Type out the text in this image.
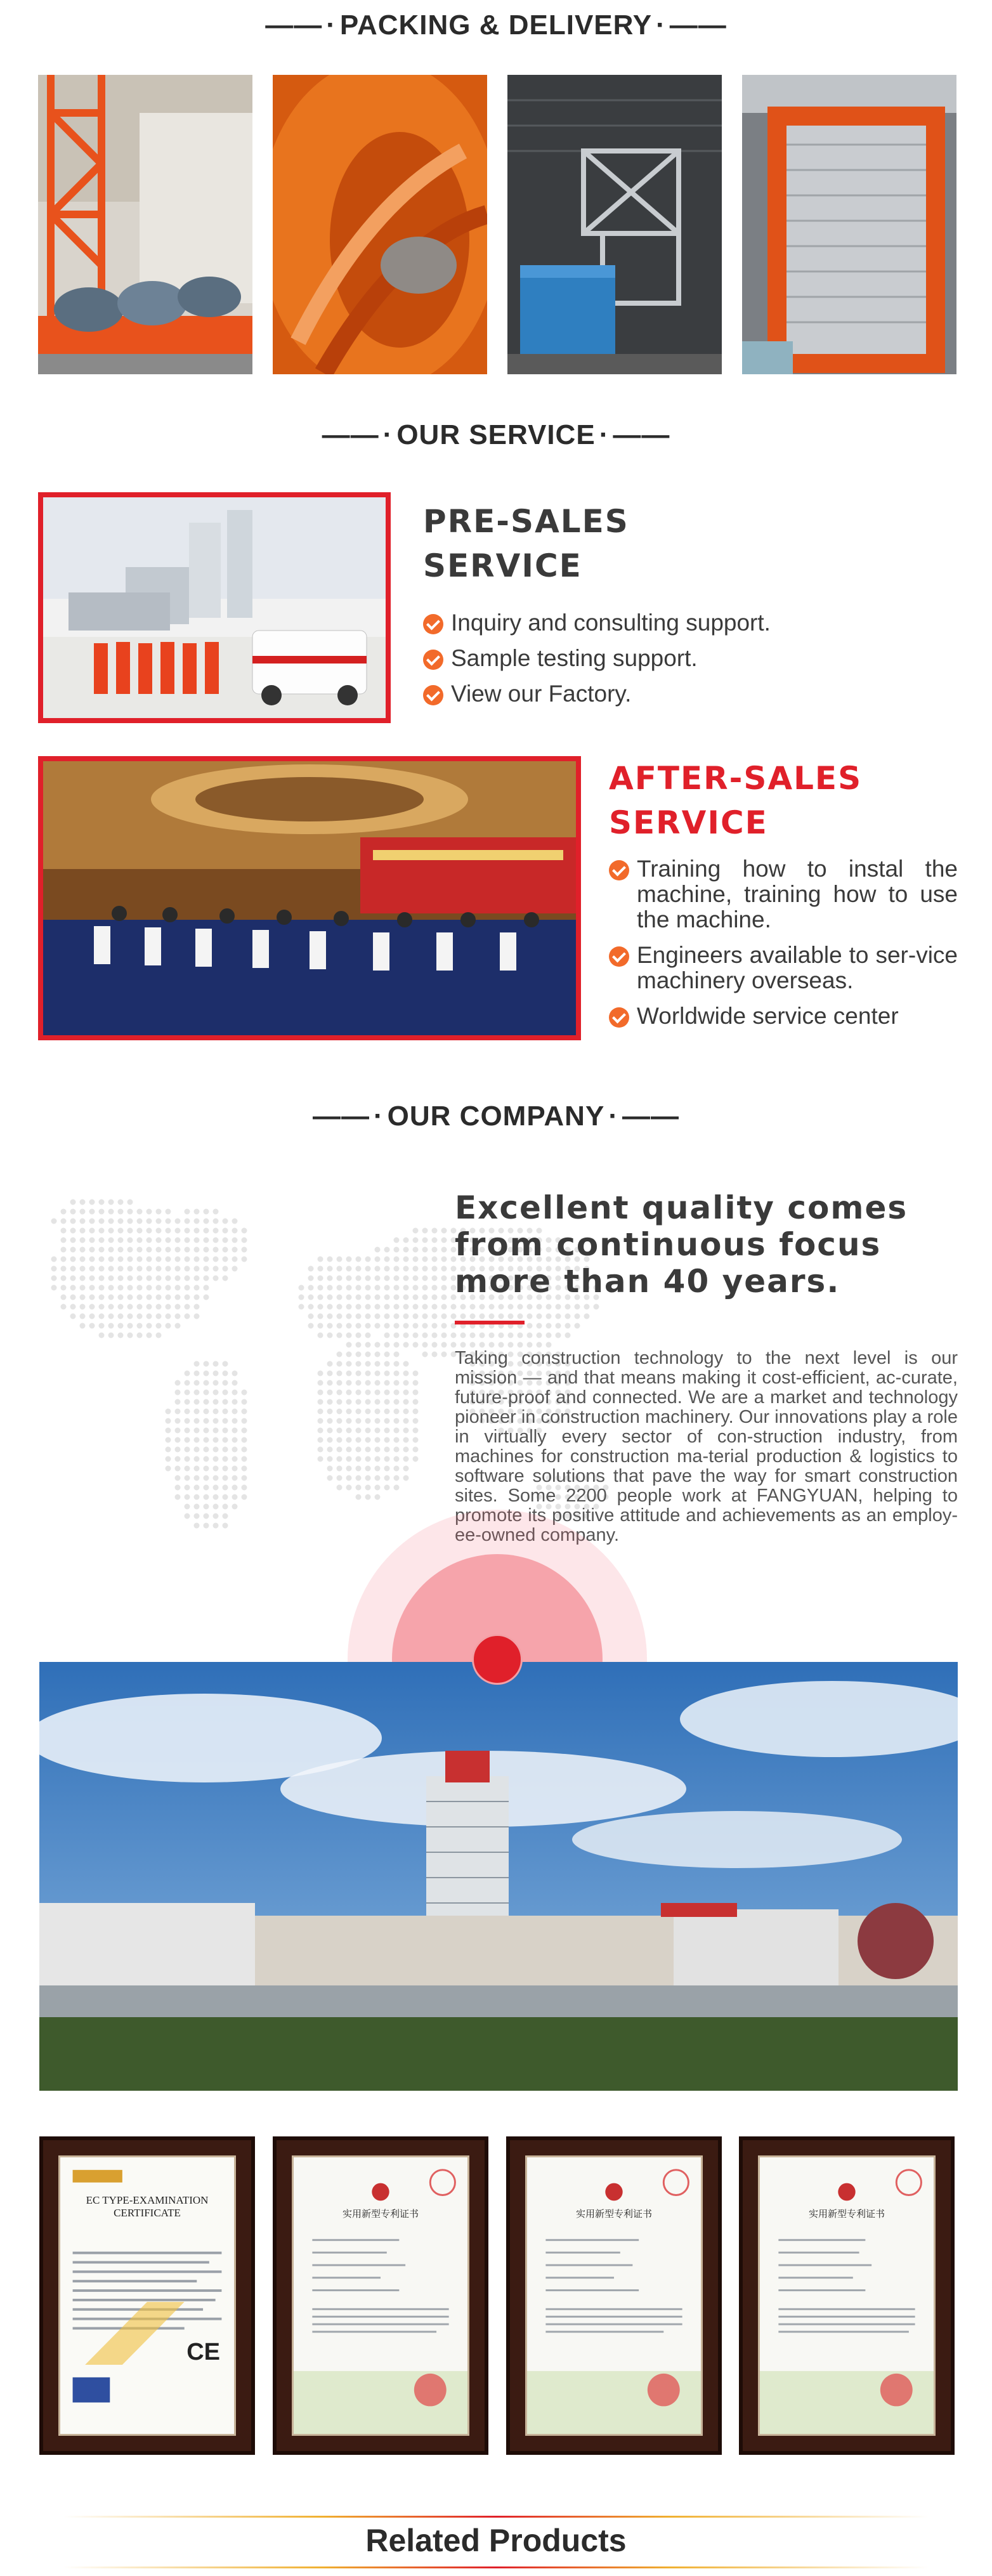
—— · PACKING & DELIVERY · ——
—— · OUR SERVICE · ——
PRE-SALES
SERVICE
Inquiry and consulting support.
Sample testing support.
View our Factory.
AFTER-SALES
SERVICE
Training how to instal the machine, training how to use the machine.
Engineers available to ser-vice machinery overseas.
Worldwide service center
—— · OUR COMPANY · ——
Excellent quality comes
from continuous focus
more than 40 years.

Taking construction technology to the next level is our mission — and that means making it cost-efficient, ac-curate, future-proof and connected. We are a market and technology pioneer in construction machinery. Our innovations play a role in virtually every sector of con-struction industry, from machines for construction ma-terial production & logistics to software solutions that pave the way for smart construction sites. Some 2200 people work at FANGYUAN, helping to promote its positive attitude and achievements as an employ-ee-owned company.

EC TYPE-EXAMINATION
CERTIFICATE
CE
实用新型专利证书	实用新型专利证书	实用新型专利证书
Related Products
